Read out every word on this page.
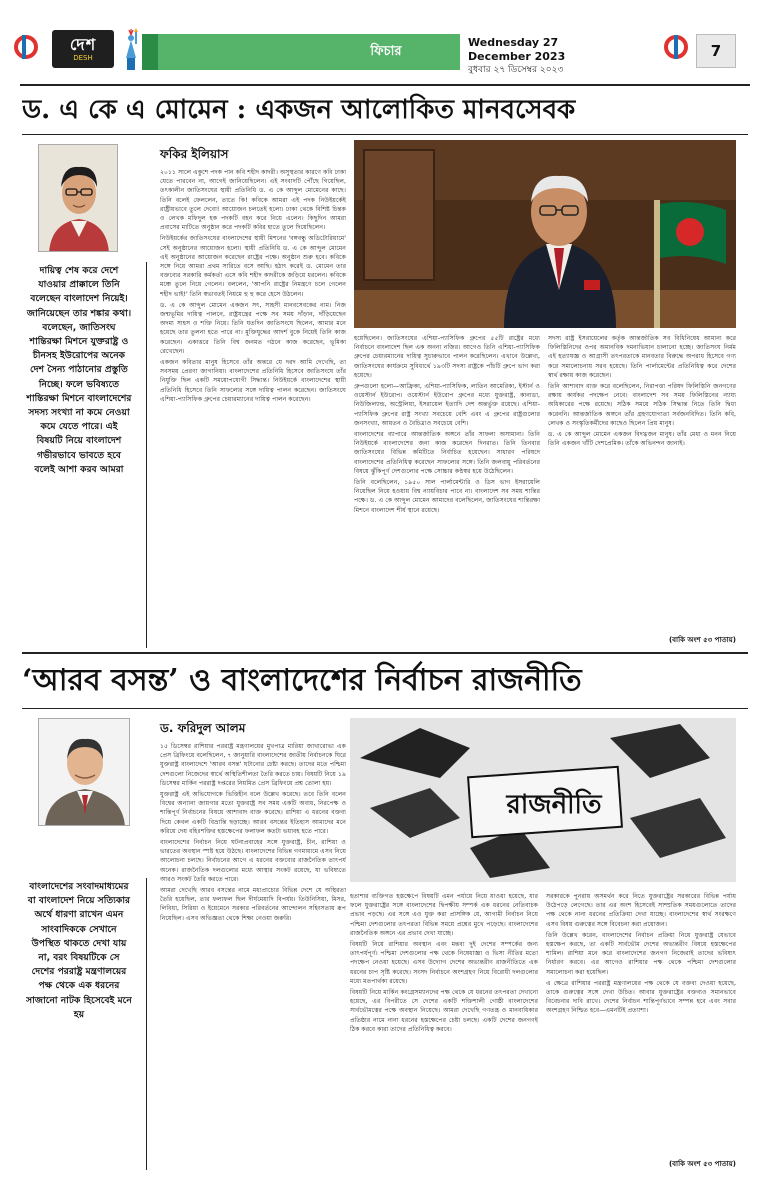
দেশ
DESH	ফিচার
Wednesday 27 December 2023
বুধবার ২৭ ডিসেম্বর ২০২৩
7
ড. এ কে এ মোমেন : একজন আলোকিত মানবসেবক
ফকির ইলিয়াস

২০১১ সালে একুশে পদক পান কবি শহীদ কাদরী। অসুস্থতার কারণে কবি ঢাকা যেতে পারবেন না, আগেই জানিয়েছিলেন। এই সংবাদটি পৌঁছে গিয়েছিল, তৎকালীন জাতিসংঘের স্থায়ী প্রতিনিধি ড. এ কে আব্দুল মোমেনের কাছে। তিনি বলেই ফেললেন, তাতে কি! কবিকে আমরা এই পদক নিউইয়র্কেই রাষ্ট্রীয়ভাবে তুলে দেবো! আয়োজন চলতেই হলো। ঢাকা থেকে বিশিষ্ট চিন্তক ও লেখক মফিদুল হক পদকটি বহন করে নিয়ে এলেন। কিছুদিন আমরা প্রবাসের মাটিতে অনুষ্ঠান করে পদকটি কবির হাতে তুলে দিয়েছিলেন।

নিউইয়র্কের জাতিসংঘের বাংলাদেশের স্থায়ী মিশনের 'বঙ্গবন্ধু অডিটোরিয়ামে' সেই অনুষ্ঠানের আয়োজন হলো। স্থায়ী প্রতিনিধি ড. এ কে আব্দুল মোমেন এই অনুষ্ঠানের আয়োজন করেছেন রাষ্ট্রের পক্ষে। অনুষ্ঠান শুরু হবে। কবিকে সঙ্গে নিয়ে আমরা প্রথম সারিতে বসে আছি। হঠাৎ করেই ড. মোমেন তার বক্তব্যের সরকারি কর্মকর্তা এসে কবি শহীদ কাদরীকে জড়িয়ে ধরলেন। কবিকে মঞ্চে তুলে নিয়ে গেলেন। বললেন, 'আপনি রাষ্ট্রের নিমন্ত্রণে চলে গেলেন শহীদ ভাই!' তিনি স্বভাবতই নিয়মে হু হু করে হেসে উঠলেন।

ড. এ কে আব্দুল মোমেন একজন সৎ, সাহসী মানবসেবকের নাম। নিজ জন্মভূমির দায়িত্ব পালনে, রাষ্ট্রযন্ত্রের পক্ষে সব সময় দাঁড়ান, দাঁড়িয়েছেন অদম্য সাহস ও শক্তি নিয়ে। তিনি যতদিন জাতিসংঘে ছিলেন, আমার মনে হয়েছে তার তুলনা হতে পারে না। মুক্তিযুদ্ধের আদর্শ বুকে নিয়েই তিনি কাজ করেছেন। একাত্তরে তিনি বিশ্ব জনমত গঠনে কাজ করেছেন, ভূমিকা রেখেছেন।

একজন কবিতার মানুষ হিসেবে তাঁর অন্তরে যে দরদ আমি দেখেছি, তা সবসময় প্রেরণা জাগানিয়া। বাংলাদেশের প্রতিনিধি হিসেবে জাতিসংঘে তাঁর নিযুক্তি ছিল একটি সময়োপযোগী সিদ্ধান্ত। নিউইয়র্কে বাংলাদেশের স্থায়ী প্রতিনিধি হিসেবে তিনি সাফল্যের সঙ্গে দায়িত্ব পালন করেছেন। জাতিসংঘে এশিয়া-প্যাসিফিক গ্রুপের চেয়ারম্যানের দায়িত্ব পালন করেছেন।

দায়িত্ব শেষ করে দেশে যাওয়ার প্রাক্কালে তিনি বলেছেন বাংলাদেশ নিয়েই। জানিয়েছেন তার শঙ্কার কথা। বলেছেন, জাতিসংঘ শান্তিরক্ষা মিশনে যুক্তরাষ্ট্র ও চীনসহ ইউরোপের অনেক দেশ সৈন্য পাঠানোর প্রস্তুতি নিচ্ছে। ফলে ভবিষ্যতে শান্তিরক্ষা মিশনে বাংলাদেশের সদস্য সংখ্যা না কমে নেওয়া কমে যেতে পারে। এই বিষয়টি নিয়ে বাংলাদেশ গভীরভাবে ভাবতে হবে বলেই আশা করব আমরা

হয়েছিলেন। জাতিসংঘের এশিয়া-প্যাসিফিক গ্রুপের ৫৫টি রাষ্ট্রের মধ্যে নির্বাচনে বাংলাদেশ ছিল এক অনন্য নজির। আগেও তিনি এশিয়া-প্যাসিফিক গ্রুপের চেয়ারম্যানের দায়িত্ব সুচারুভাবে পালন করেছিলেন। এখানে উল্লেখ্য, জাতিসংঘের কার্যক্রমে সুবিধার্থে ১৯৩টি সদস্য রাষ্ট্রকে পাঁচটি গ্রুপে ভাগ করা হয়েছে।

গ্রুপগুলো হলো—আফ্রিকা, এশিয়া-প্যাসিফিক, লাতিন আমেরিকা, ইস্টার্ন ও ওয়েস্টার্ন ইউরোপ। ওয়েস্টার্ন ইউরোপ গ্রুপের মধ্যে যুক্তরাষ্ট্র, কানাডা, নিউজিল্যান্ড, অস্ট্রেলিয়া, ইসরায়েল ইত্যাদি দেশ অন্তর্ভুক্ত রয়েছে। এশিয়া-প্যাসিফিক গ্রুপের রাষ্ট্র সংখ্যা সবচেয়ে বেশি এবং এ গ্রুপের রাষ্ট্রগুলোর জনসংখ্যা, আয়তন ও বৈচিত্র্যও সবচেয়ে বেশি।

বাংলাদেশের ব্যাপারে আন্তর্জাতিক অঙ্গনে তাঁর সাফল্য অসামান্য। তিনি নিউইয়র্কে বাংলাদেশের জন্য কাজ করেছেন দিনরাত। তিনি তিনবার জাতিসংঘের বিভিন্ন কমিটিতে নির্বাচিত হয়েছেন। সাধারণ পরিষদে বাংলাদেশের প্রতিনিধিত্ব করেছেন সাফল্যের সঙ্গে। তিনি জলবায়ু পরিবর্তনের বিষয়ে ঝুঁকিপূর্ণ দেশগুলোর পক্ষে সোচ্চার কণ্ঠস্বর হয়ে উঠেছিলেন।

তিনি বলেছিলেন, ১৯৫০ সাল পার্লামেন্টারি ও ডিস ভাগ ইসরায়েলি নিয়েছিল নিয়ে হওয়ায় বিশ্ব ন্যায়বিচার পাবে না। বাংলাদেশ সব সময় শান্তির পক্ষে। ড. এ কে আব্দুল মোমেন আমাদের বলেছিলেন, জাতিসংঘের শান্তিরক্ষা মিশনে বাংলাদেশ শীর্ষ স্থানে রয়েছে।

সদস্য রাষ্ট্র ইসরায়েলের কর্তৃক আন্তর্জাতিক সব বিধিনিষেধ আমান্য করে ফিলিস্তিনিদের ওপর অমানবিক দমনাভিযান চালানো হচ্ছে। জাতিসংঘ নির্মম এই হত্যাযজ্ঞ ও আগ্রাসী তৎপরতাকে মানবতার বিরুদ্ধে অপরাধ হিসেবে গণ্য করে সমালোচনায় সরব হয়েছে। তিনি পার্লামেন্টের প্রতিনিধিত্ব করে দেশের স্বার্থ রক্ষায় কাজ করেছেন।

তিনি আশাবাদ ব্যক্ত করে বলেছিলেন, নিরাপত্তা পরিষদ ফিলিস্তিনি জনগণের রক্ষায় কার্যকর পদক্ষেপ নেবে। বাংলাদেশ সব সময় ফিলিস্তিনের ন্যায্য অধিকারের পক্ষে রয়েছে। সঠিক সময়ে সঠিক সিদ্ধান্ত নিতে তিনি দ্বিধা করেননি। আন্তর্জাতিক অঙ্গনে তাঁর গ্রহণযোগ্যতা সর্বজনবিদিত। তিনি কবি, লেখক ও সংস্কৃতিকর্মীদের কাছেও ছিলেন প্রিয় মানুষ।

ড. এ কে আব্দুল মোমেন একজন বিদগ্ধজন মানুষ। তাঁর মেধা ও মনন নিয়ে তিনি একজন খাঁটি দেশপ্রেমিক। তাঁকে অভিনন্দন জানাই।

(বাকি অংশ ৫৩ পাতায়)
‘আরব বসন্ত’ ও বাংলাদেশের নির্বাচন রাজনীতি
ড. ফরিদুল আলম
রাজনীতি

১৫ ডিসেম্বর রাশিয়ার পররাষ্ট্র মন্ত্রণালয়ের মুখপাত্র মারিয়া জাখারোভা এক প্রেস ব্রিফিংয়ে বলেছিলেন, ৭ জানুয়ারি বাংলাদেশের জাতীয় নির্বাচনকে ঘিরে যুক্তরাষ্ট্র বাংলাদেশে 'আরব বসন্ত' ঘটানোর চেষ্টা করছে। তাদের মতে পশ্চিমা দেশগুলো নিজেদের স্বার্থে অস্থিতিশীলতা তৈরি করতে চায়। বিষয়টি নিয়ে ১৯ ডিসেম্বর মার্কিন পররাষ্ট্র দপ্তরের নিয়মিত প্রেস ব্রিফিংয়ে প্রশ্ন তোলা হয়।

যুক্তরাষ্ট্র এই অভিযোগকে ভিত্তিহীন বলে উল্লেখ করেছে। তবে তিনি বলেন বিশ্বের অন্যান্য জায়গার মতো যুক্তরাষ্ট্র সব সময় একটি অবাধ, নিরপেক্ষ ও শান্তিপূর্ণ নির্বাচনের বিষয়ে আশাবাদ ব্যক্ত করেছে। রাশিয়া এ ধরনের বক্তব্য দিয়ে কেবল একটি বিভ্রান্তি ছড়াচ্ছে। আরব বসন্তের ইতিহাস আমাদের মনে করিয়ে দেয় বহিঃশক্তির হস্তক্ষেপের ফলাফল কতটা ভয়াবহ হতে পারে।

বাংলাদেশের নির্বাচন নিয়ে ঘটনাপ্রবাহের সঙ্গে যুক্তরাষ্ট্র, চীন, রাশিয়া ও ভারতের অবস্থান স্পষ্ট হয়ে উঠছে। বাংলাদেশের বিভিন্ন গণমাধ্যমে এসব নিয়ে আলোচনা চলছে। নির্বাচনের আগে এ ধরনের বক্তব্যের রাজনৈতিক তাৎপর্য অনেক। রাজনৈতিক দলগুলোর মধ্যে আস্থার সংকট রয়েছে, যা ভবিষ্যতে আরও সংকট তৈরি করতে পারে।

আমরা দেখেছি আরব বসন্তের নামে মধ্যপ্রাচ্যের বিভিন্ন দেশে যে অস্থিরতা তৈরি হয়েছিল, তার ফলাফল ছিল দীর্ঘমেয়াদি বিপর্যয়। তিউনিসিয়া, মিসর, লিবিয়া, সিরিয়া ও ইয়েমেনে সরকার পরিবর্তনের আন্দোলন সহিংসতায় রূপ নিয়েছিল। এসব অভিজ্ঞতা থেকে শিক্ষা নেওয়া জরুরি।

বাংলাদেশের সংবাদমাধ্যমের বা বাংলাদেশ নিয়ে সত্যিকার অর্থে ধারণা রাখেন এমন সাংবাদিককে সেখানে উপস্থিত থাকতে দেখা যায় না, বরং বিষয়টিকে সে দেশের পররাষ্ট্র মন্ত্রণালয়ের পক্ষ থেকে এক ধরনের সাজানো নাটক হিসেবেই মনে হয়

হতাশার ব্যক্তিগত হস্তক্ষেপে বিষয়টি এমন পর্যায়ে নিয়ে যাওয়া হয়েছে, যার ফলে যুক্তরাষ্ট্রের সঙ্গে বাংলাদেশের দ্বিপক্ষীয় সম্পর্ক এক ধরনের নেতিবাচক প্রভাব পড়ছে। এর সঙ্গে এও যুক্ত করা প্রাসঙ্গিক যে, আগামী নির্বাচন নিয়ে পশ্চিমা দেশগুলোর তৎপরতা বিভিন্ন সময়ে প্রশ্নের মুখে পড়েছে। বাংলাদেশের রাজনৈতিক অঙ্গনে এর প্রভাব দেখা যাচ্ছে।

বিষয়টি নিয়ে রাশিয়ার অবস্থান এবং মন্তব্য দুই দেশের সম্পর্কের জন্য তাৎপর্যপূর্ণ। পশ্চিমা দেশগুলোর পক্ষ থেকে নিষেধাজ্ঞা ও ভিসা নীতির মতো পদক্ষেপ নেওয়া হয়েছে। এসব উদ্যোগ দেশের অভ্যন্তরীণ রাজনীতিতে এক ধরনের চাপ সৃষ্টি করেছে। সংসদ নির্বাচনে অংশগ্রহণ নিয়ে বিরোধী দলগুলোর মধ্যে মতপার্থক্য রয়েছে।

বিষয়টি নিয়ে মার্কিন কংগ্রেসম্যানদের পক্ষ থেকে যে ধরনের তৎপরতা দেখানো হয়েছে, এর বিপরীতে সে দেশের একটি শক্তিশালী গোষ্ঠী বাংলাদেশের সার্বভৌমত্বের পক্ষে অবস্থান নিয়েছে। আমরা দেখেছি গণতন্ত্র ও মানবাধিকার প্রতিষ্ঠার নামে নানা ধরনের হস্তক্ষেপের চেষ্টা চলছে। একটি দেশের জনগণই ঠিক করবে কারা তাদের প্রতিনিধিত্ব করবে।

সরকারকে পুনরায় অসমর্থন করে নিতে যুক্তরাষ্ট্রের সরকারের বিভিন্ন পর্যায় উঠেপড়ে লেগেছে। তার এর অংশ হিসেবেই সাম্প্রতিক সময়গুলোতে তাদের পক্ষ থেকে নানা ধরনের প্রতিক্রিয়া দেখা যাচ্ছে। বাংলাদেশের স্বার্থ সংরক্ষণে এসব বিষয় গুরুত্বের সঙ্গে বিবেচনা করা প্রয়োজন।

তিনি উল্লেখ করেন, বাংলাদেশের নির্বাচন প্রক্রিয়া নিয়ে যুক্তরাষ্ট্র যেভাবে হস্তক্ষেপ করছে, তা একটি সার্বভৌম দেশের অভ্যন্তরীণ বিষয়ে হস্তক্ষেপের শামিল। রাশিয়া মনে করে বাংলাদেশের জনগণ নিজেরাই তাদের ভবিষ্যৎ নির্ধারণ করবে। এর আগেও রাশিয়ার পক্ষ থেকে পশ্চিমা দেশগুলোর সমালোচনা করা হয়েছিল।

এ ক্ষেত্রে রাশিয়ার পররাষ্ট্র মন্ত্রণালয়ের পক্ষ থেকে যে বক্তব্য দেওয়া হয়েছে, তাকে গুরুত্বের সঙ্গে দেখা উচিত। আবার যুক্তরাষ্ট্রের বক্তব্যও সমানভাবে বিবেচনার দাবি রাখে। দেশের নির্বাচন শান্তিপূর্ণভাবে সম্পন্ন হবে এবং সবার অংশগ্রহণ নিশ্চিত হবে—এমনটিই প্রত্যাশা।

(বাকি অংশ ৫৩ পাতায়)
